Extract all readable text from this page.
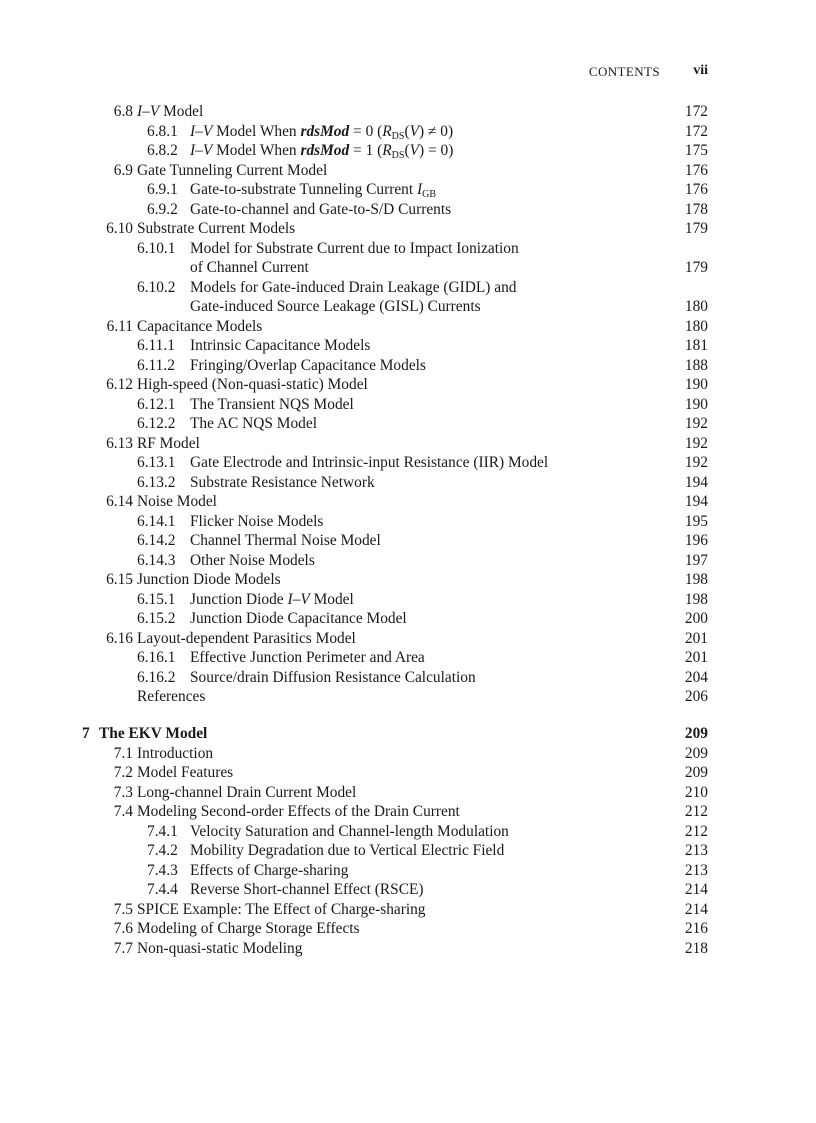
CONTENTS vii
6.8 I–V Model	172
6.8.1 I–V Model When rdsMod = 0 $(R_{DS}(V) \ne 0)$	172
6.8.2 I–V Model When rdsMod = 1 $(R_{DS}(V) = 0)$	175
6.9 Gate Tunneling Current Model	176
6.9.1 Gate-to-substrate Tunneling Current $I_{GB}$	176
6.9.2 Gate-to-channel and Gate-to-S/D Currents	178
6.10 Substrate Current Models	179
6.10.1 Model for Substrate Current due to Impact Ionization
of Channel Current	179
6.10.2 Models for Gate-induced Drain Leakage (GIDL) and
Gate-induced Source Leakage (GISL) Currents	180
6.11 Capacitance Models	180
6.11.1 Intrinsic Capacitance Models	181
6.11.2 Fringing/Overlap Capacitance Models	188
6.12 High-speed (Non-quasi-static) Model	190
6.12.1 The Transient NQS Model	190
6.12.2 The AC NQS Model	192
6.13 RF Model	192
6.13.1 Gate Electrode and Intrinsic-input Resistance (IIR) Model	192
6.13.2 Substrate Resistance Network	194
6.14 Noise Model	194
6.14.1 Flicker Noise Models	195
6.14.2 Channel Thermal Noise Model	196
6.14.3 Other Noise Models	197
6.15 Junction Diode Models	198
6.15.1 Junction Diode I–V Model	198
6.15.2 Junction Diode Capacitance Model	200
6.16 Layout-dependent Parasitics Model	201
6.16.1 Effective Junction Perimeter and Area	201
6.16.2 Source/drain Diffusion Resistance Calculation	204
References	206
7 The EKV Model	209
7.1 Introduction	209
7.2 Model Features	209
7.3 Long-channel Drain Current Model	210
7.4 Modeling Second-order Effects of the Drain Current	212
7.4.1 Velocity Saturation and Channel-length Modulation	212
7.4.2 Mobility Degradation due to Vertical Electric Field	213
7.4.3 Effects of Charge-sharing	213
7.4.4 Reverse Short-channel Effect (RSCE)	214
7.5 SPICE Example: The Effect of Charge-sharing	214
7.6 Modeling of Charge Storage Effects	216
7.7 Non-quasi-static Modeling	218
